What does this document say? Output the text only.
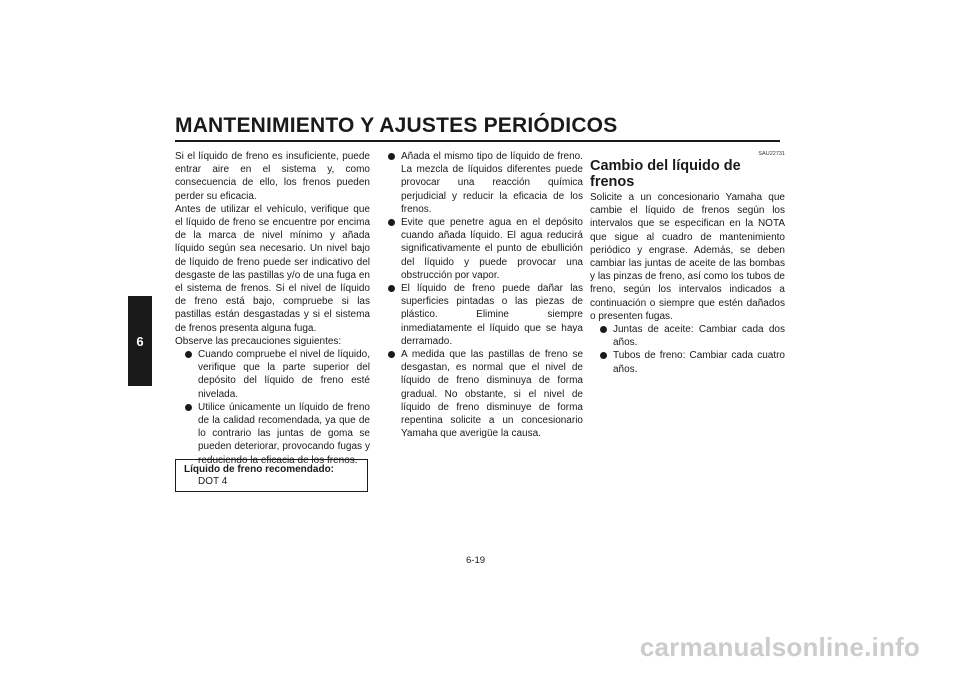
MANTENIMIENTO Y AJUSTES PERIÓDICOS
6

Si el líquido de freno es insuficiente, puede entrar aire en el sistema y, como consecuencia de ello, los frenos pueden perder su eficacia.

Antes de utilizar el vehículo, verifique que el líquido de freno se encuentre por encima de la marca de nivel mínimo y añada líquido según sea necesario. Un nivel bajo de líquido de freno puede ser indicativo del desgaste de las pastillas y/o de una fuga en el sistema de frenos. Si el nivel de líquido de freno está bajo, compruebe si las pastillas están desgastadas y si el sistema de frenos presenta alguna fuga.

Observe las precauciones siguientes:

Cuando compruebe el nivel de líquido, verifique que la parte superior del depósito del líquido de freno esté nivelada.
Utilice únicamente un líquido de freno de la calidad recomendada, ya que de lo contrario las juntas de goma se pueden deteriorar, provocando fugas y reduciendo la eficacia de los frenos.
Líquido de freno recomendado:
DOT 4
Añada el mismo tipo de líquido de freno. La mezcla de líquidos diferentes puede provocar una reacción química perjudicial y reducir la eficacia de los frenos.
Evite que penetre agua en el depósito cuando añada líquido. El agua reducirá significativamente el punto de ebullición del líquido y puede provocar una obstrucción por vapor.
El líquido de freno puede dañar las superficies pintadas o las piezas de plástico. Elimine siempre inmediatamente el líquido que se haya derramado.
A medida que las pastillas de freno se desgastan, es normal que el nivel de líquido de freno disminuya de forma gradual. No obstante, si el nivel de líquido de freno disminuye de forma repentina solicite a un concesionario Yamaha que averigüe la causa.
SAU22731
Cambio del líquido de frenos

Solicite a un concesionario Yamaha que cambie el líquido de frenos según los intervalos que se especifican en la NOTA que sigue al cuadro de mantenimiento periódico y engrase. Además, se deben cambiar las juntas de aceite de las bombas y las pinzas de freno, así como los tubos de freno, según los intervalos indicados a continuación o siempre que estén dañados o presenten fugas.

Juntas de aceite: Cambiar cada dos años.
Tubos de freno: Cambiar cada cuatro años.
6-19
carmanualsonline.info
